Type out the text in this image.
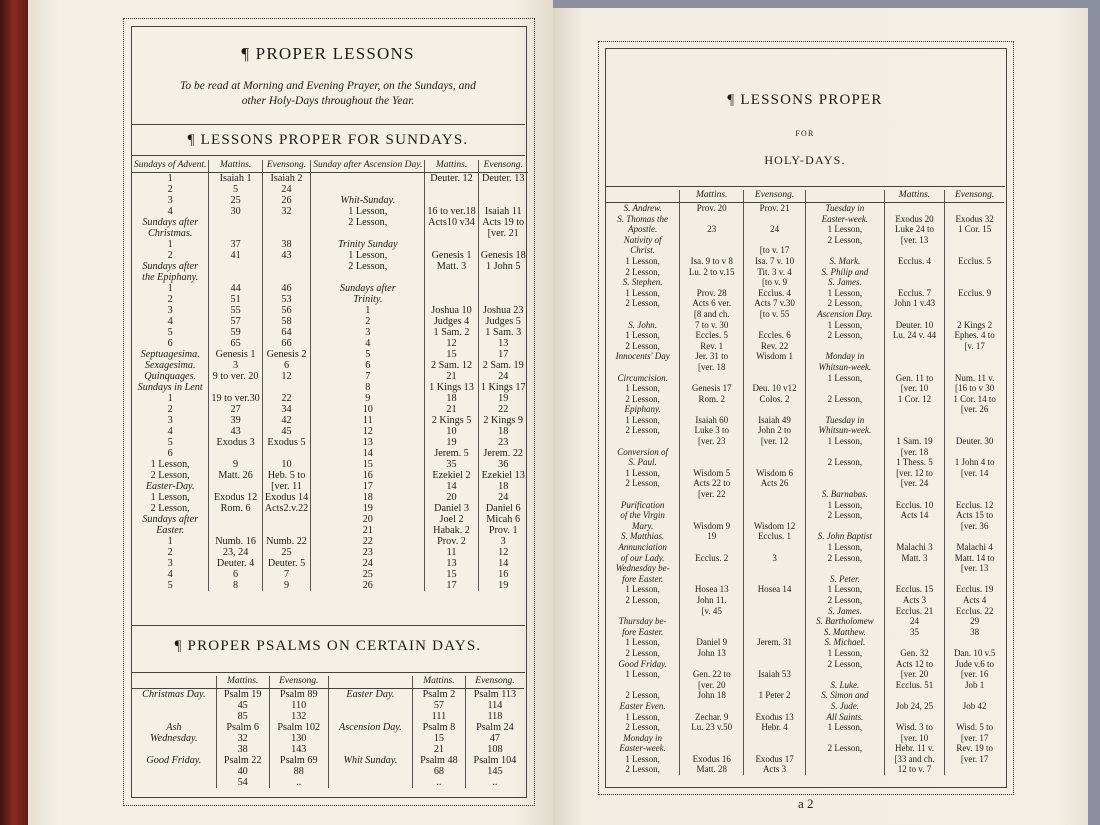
¶ PROPER LESSONS
To be read at Morning and Evening Prayer, on the Sundays, and
other Holy-Days throughout the Year.
¶ LESSONS PROPER FOR SUNDAYS.
Sundays of Advent.	Mattins.	Evensong.	Sunday after Ascension Day.	Mattins.	Evensong.
1	Isaiah 1	Isaiah 2		Deuter. 12	Deuter. 13
2	5	24			
3	25	26	Whit-Sunday.		
4	30	32	1 Lesson,	16 to ver.18	Isaiah 11
Sundays after			2 Lesson,	Acts10 v34	Acts 19 to
Christmas.					[ver. 21
1	37	38	Trinity Sunday		
2	41	43	1 Lesson,	Genesis 1	Genesis 18
Sundays after			2 Lesson,	Matt. 3	1 John 5
the Epiphany.					
1	44	46	Sundays after		
2	51	53	Trinity.		
3	55	56	1	Joshua 10	Joshua 23
4	57	58	2	Judges 4	Judges 5
5	59	64	3	1 Sam. 2	1 Sam. 3
6	65	66	4	12	13
Septuagesima.	Genesis 1	Genesis 2	5	15	17
Sexagesima.	3	6	6	2 Sam. 12	2 Sam. 19
Quinquages.	9 to ver. 20	12	7	21	24
Sundays in Lent			8	1 Kings 13	1 Kings 17
1	19 to ver.30	22	9	18	19
2	27	34	10	21	22
3	39	42	11	2 Kings 5	2 Kings 9
4	43	45	12	10	18
5	Exodus 3	Exodus 5	13	19	23
6			14	Jerem. 5	Jerem. 22
1 Lesson,	9	10	15	35	36
2 Lesson,	Matt. 26	Heb. 5 to	16	Ezekiel 2	Ezekiel 13
Easter-Day.		[ver. 11	17	14	18
1 Lesson,	Exodus 12	Exodus 14	18	20	24
2 Lesson,	Rom. 6	Acts2.v.22	19	Daniel 3	Daniel 6
Sundays after			20	Joel 2	Micah 6
Easter.			21	Habak. 2	Prov. 1
1	Numb. 16	Numb. 22	22	Prov. 2	3
2	23, 24	25	23	11	12
3	Deuter. 4	Deuter. 5	24	13	14
4	6	7	25	15	16
5	8	9	26	17	19
¶ PROPER PSALMS ON CERTAIN DAYS.
	Mattins.	Evensong.		Mattins.	Evensong.
Christmas Day.	Psalm 19	Psalm 89	Easter Day.	Psalm 2	Psalm 113
	45	110		57	114
	85	132		111	118
Ash	Psalm 6	Psalm 102	Ascension Day.	Psalm 8	Psalm 24
Wednesday.	32	130		15	47
	38	143		21	108
Good Friday.	Psalm 22	Psalm 69	Whit Sunday.	Psalm 48	Psalm 104
	40	88		68	145
	54	..		..	..
¶ LESSONS PROPER
FOR
HOLY-DAYS.
	Mattins.	Evensong.		Mattins.	Evensong.
S. Andrew.	Prov. 20	Prov. 21	Tuesday in		
S. Thomas the			Easter-week.	Exodus 20	Exodus 32
Apostle.	23	24	1 Lesson,	Luke 24 to	1 Cor. 15
Nativity of			2 Lesson,	[ver. 13	
Christ.		[to v. 17			
1 Lesson,	Isa. 9 to v 8	Isa. 7 v. 10	S. Mark.	Ecclus. 4	Ecclus. 5
2 Lesson,	Lu. 2 to v.15	Tit. 3 v. 4	S. Philip and		
S. Stephen.		[to v. 9	S. James.		
1 Lesson,	Prov. 28	Ecclus. 4	1 Lesson,	Ecclus. 7	Ecclus. 9
2 Lesson,	Acts 6 ver.	Acts 7 v.30	2 Lesson,	John 1 v.43	
	[8 and ch.	[to v. 55	Ascension Day.		
S. John.	7 to v. 30		1 Lesson,	Deuter. 10	2 Kings 2
1 Lesson,	Eccles. 5	Eccles. 6	2 Lesson,	Lu. 24 v. 44	Ephes. 4 to
2 Lesson,	Rev. 1	Rev. 22			[v. 17
Innocents' Day	Jer. 31 to	Wisdom 1	Monday in		
	[ver. 18		Whitsun-week.		
Circumcision.			1 Lesson,	Gen. 11 to	Num. 11 v.
1 Lesson,	Genesis 17	Deu. 10 v12		[ver. 10	[16 to v 30
2 Lesson,	Rom. 2	Colos. 2	2 Lesson,	1 Cor. 12	1 Cor. 14 to
Epiphany.					[ver. 26
1 Lesson,	Isaiah 60	Isaiah 49	Tuesday in		
2 Lesson,	Luke 3 to	John 2 to	Whitsun-week.		
	[ver. 23	[ver. 12	1 Lesson,	1 Sam. 19	Deuter. 30
Conversion of				[ver. 18	
S. Paul.			2 Lesson,	1 Thess. 5	1 John 4 to
1 Lesson,	Wisdom 5	Wisdom 6		[ver. 12 to	[ver. 14
2 Lesson,	Acts 22 to	Acts 26		[ver. 24	
	[ver. 22		S. Barnabas.		
Purification			1 Lesson,	Ecclus. 10	Ecclus. 12
of the Virgin			2 Lesson,	Acts 14	Acts 15 to
Mary.	Wisdom 9	Wisdom 12			[ver. 36
S. Matthias.	19	Ecclus. 1	S. John Baptist		
Annunciation			1 Lesson,	Malachi 3	Malachi 4
of our Lady.	Ecclus. 2	3	2 Lesson,	Matt. 3	Matt. 14 to
Wednesday be-					[ver. 13
fore Easter.			S. Peter.		
1 Lesson,	Hosea 13	Hosea 14	1 Lesson,	Ecclus. 15	Ecclus. 19
2 Lesson,	John 11.		2 Lesson,	Acts 3	Acts 4
	[v. 45		S. James.	Ecclus. 21	Ecclus. 22
Thursday be-			S. Bartholomew	24	29
fore Easter.			S. Matthew.	35	38
1 Lesson,	Daniel 9	Jerem. 31	S. Michael.		
2 Lesson,	John 13		1 Lesson,	Gen. 32	Dan. 10 v.5
Good Friday.			2 Lesson,	Acts 12 to	Jude v.6 to
1 Lesson,	Gen. 22 to	Isaiah 53		[ver. 20	[ver. 16
	[ver. 20		S. Luke.	Ecclus. 51	Job 1
2 Lesson,	John 18	1 Peter 2	S. Simon and		
Easter Even.			S. Jude.	Job 24, 25	Job 42
1 Lesson,	Zechar. 9	Exodus 13	All Saints.		
2 Lesson,	Lu. 23 v.50	Hebr. 4	1 Lesson,	Wisd. 3 to	Wisd. 5 to
Monday in				[ver. 10	[ver. 17
Easter-week.			2 Lesson,	Hebr. 11 v.	Rev. 19 to
1 Lesson,	Exodus 16	Exodus 17		[33 and ch.	[ver. 17
2 Lesson,	Matt. 28	Acts 3		12 to v. 7	
a 2
